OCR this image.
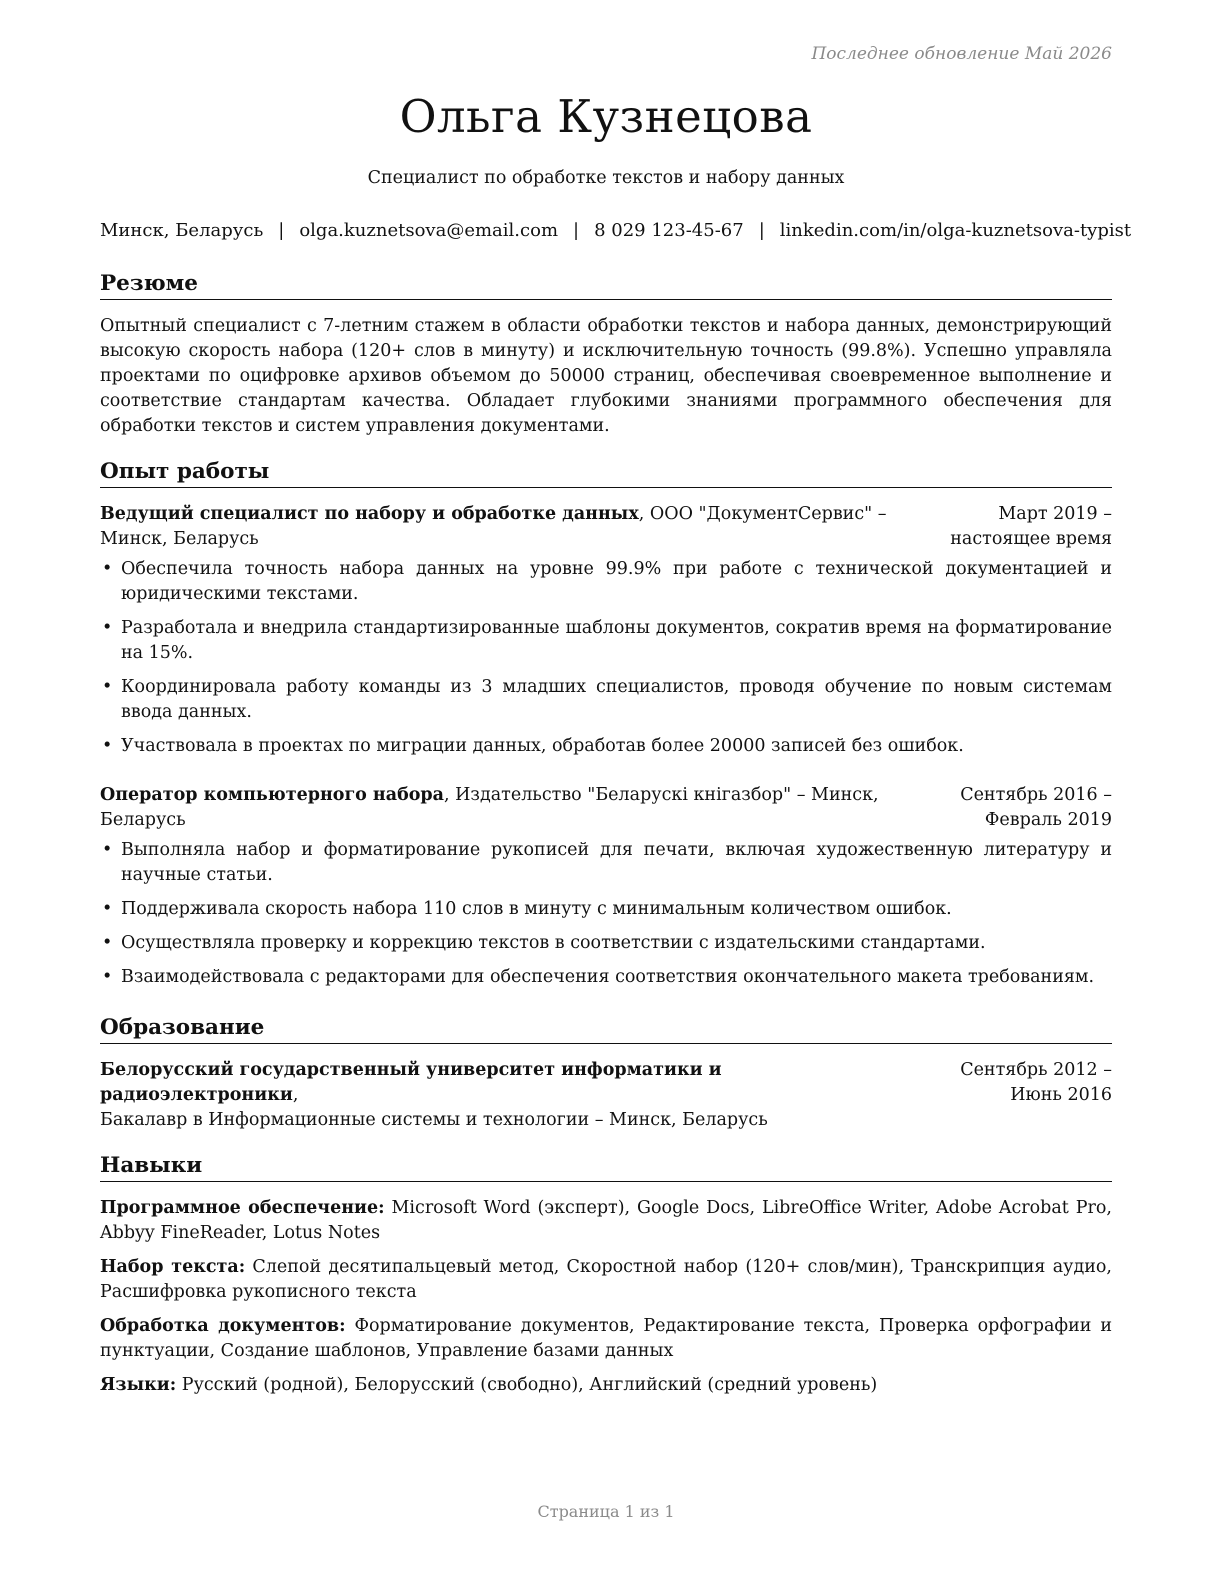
Последнее обновление Май 2026
Ольга Кузнецова
Специалист по обработке текстов и набору данных
Минск, Беларусь | olga.kuznetsova@email.com | 8 029 123-45-67 | linkedin.com/in/olga-kuznetsova-typist
Резюме

Опытный специалист с 7-летним стажем в области обработки текстов и набора данных, демонстрирующий высокую скорость набора (120+ слов в минуту) и исключительную точность (99.8%). Успешно управляла проектами по оцифровке архивов объемом до 50000 страниц, обеспечивая своевременное выполнение и соответствие стандартам качества. Обладает глубокими знаниями программного обеспечения для обработки текстов и систем управления документами.

Опыт работы
Ведущий специалист по набору и обработке данных, ООО "ДокументСервис" –
Минск, Беларусь
Март 2019 – настоящее время
• Обеспечила точность набора данных на уровне 99.9% при работе с технической документацией и юридическими текстами.
• Разработала и внедрила стандартизированные шаблоны документов, сократив время на форматирование на 15%.
• Координировала работу команды из 3 младших специалистов, проводя обучение по новым системам ввода данных.
• Участвовала в проектах по миграции данных, обработав более 20000 записей без ошибок.
Оператор компьютерного набора, Издательство "Беларускі кнігазбор" – Минск,
Беларусь
Сентябрь 2016 – Февраль 2019
• Выполняла набор и форматирование рукописей для печати, включая художественную литературу и научные статьи.
• Поддерживала скорость набора 110 слов в минуту с минимальным количеством ошибок.
• Осуществляла проверку и коррекцию текстов в соответствии с издательскими стандартами.
• Взаимодействовала с редакторами для обеспечения соответствия окончательного макета требованиям.
Образование
Белорусский государственный университет информатики и радиоэлектроники,
Бакалавр в Информационные системы и технологии – Минск, Беларусь
Сентябрь 2012 – Июнь 2016
Навыки
Программное обеспечение: Microsoft Word (эксперт), Google Docs, LibreOffice Writer, Adobe Acrobat Pro, Abbyy FineReader, Lotus Notes
Набор текста: Слепой десятипальцевый метод, Скоростной набор (120+ слов/мин), Транскрипция аудио, Расшифровка рукописного текста
Обработка документов: Форматирование документов, Редактирование текста, Проверка орфографии и пунктуации, Создание шаблонов, Управление базами данных
Языки: Русский (родной), Белорусский (свободно), Английский (средний уровень)
Страница 1 из 1
